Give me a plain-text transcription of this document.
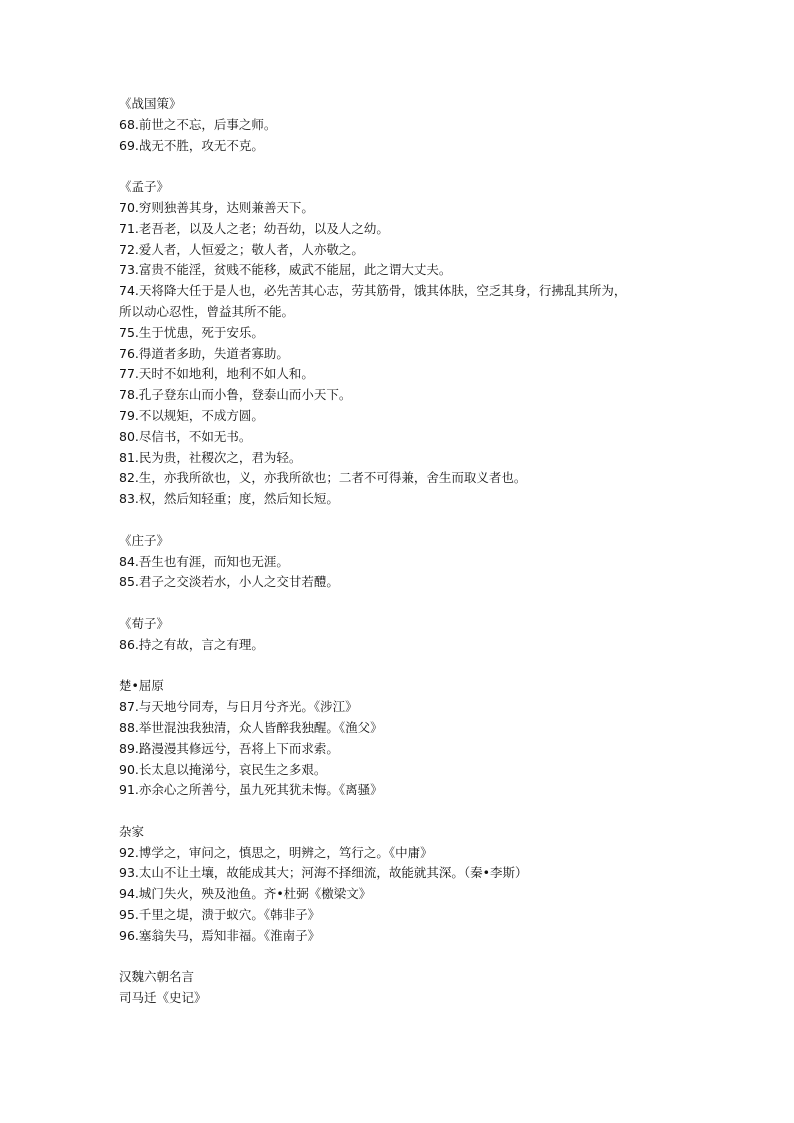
《战国策》
68.前世之不忘，后事之师。
69.战无不胜，攻无不克。
《孟子》
70.穷则独善其身，达则兼善天下。
71.老吾老，以及人之老；幼吾幼，以及人之幼。
72.爱人者，人恒爱之；敬人者，人亦敬之。
73.富贵不能淫，贫贱不能移，威武不能屈，此之谓大丈夫。
74.天将降大任于是人也，必先苦其心志，劳其筋骨，饿其体肤，空乏其身，行拂乱其所为，
所以动心忍性，曾益其所不能。
75.生于忧患，死于安乐。
76.得道者多助，失道者寡助。
77.天时不如地利，地利不如人和。
78.孔子登东山而小鲁，登泰山而小天下。
79.不以规矩，不成方圆。
80.尽信书，不如无书。
81.民为贵，社稷次之，君为轻。
82.生，亦我所欲也，义，亦我所欲也；二者不可得兼，舍生而取义者也。
83.权，然后知轻重；度，然后知长短。
《庄子》
84.吾生也有涯，而知也无涯。
85.君子之交淡若水，小人之交甘若醴。
《荀子》
86.持之有故，言之有理。
楚•屈原
87.与天地兮同寿，与日月兮齐光。《涉江》
88.举世混浊我独清，众人皆醉我独醒。《渔父》
89.路漫漫其修远兮，吾将上下而求索。
90.长太息以掩涕兮，哀民生之多艰。
91.亦余心之所善兮，虽九死其犹未悔。《离骚》
杂家
92.博学之，审问之，慎思之，明辨之，笃行之。《中庸》
93.太山不让土壤，故能成其大；河海不择细流，故能就其深。（秦•李斯）
94.城门失火，殃及池鱼。齐•杜弼《檄梁文》
95.千里之堤，溃于蚁穴。《韩非子》
96.塞翁失马，焉知非福。《淮南子》
汉魏六朝名言
司马迁《史记》
